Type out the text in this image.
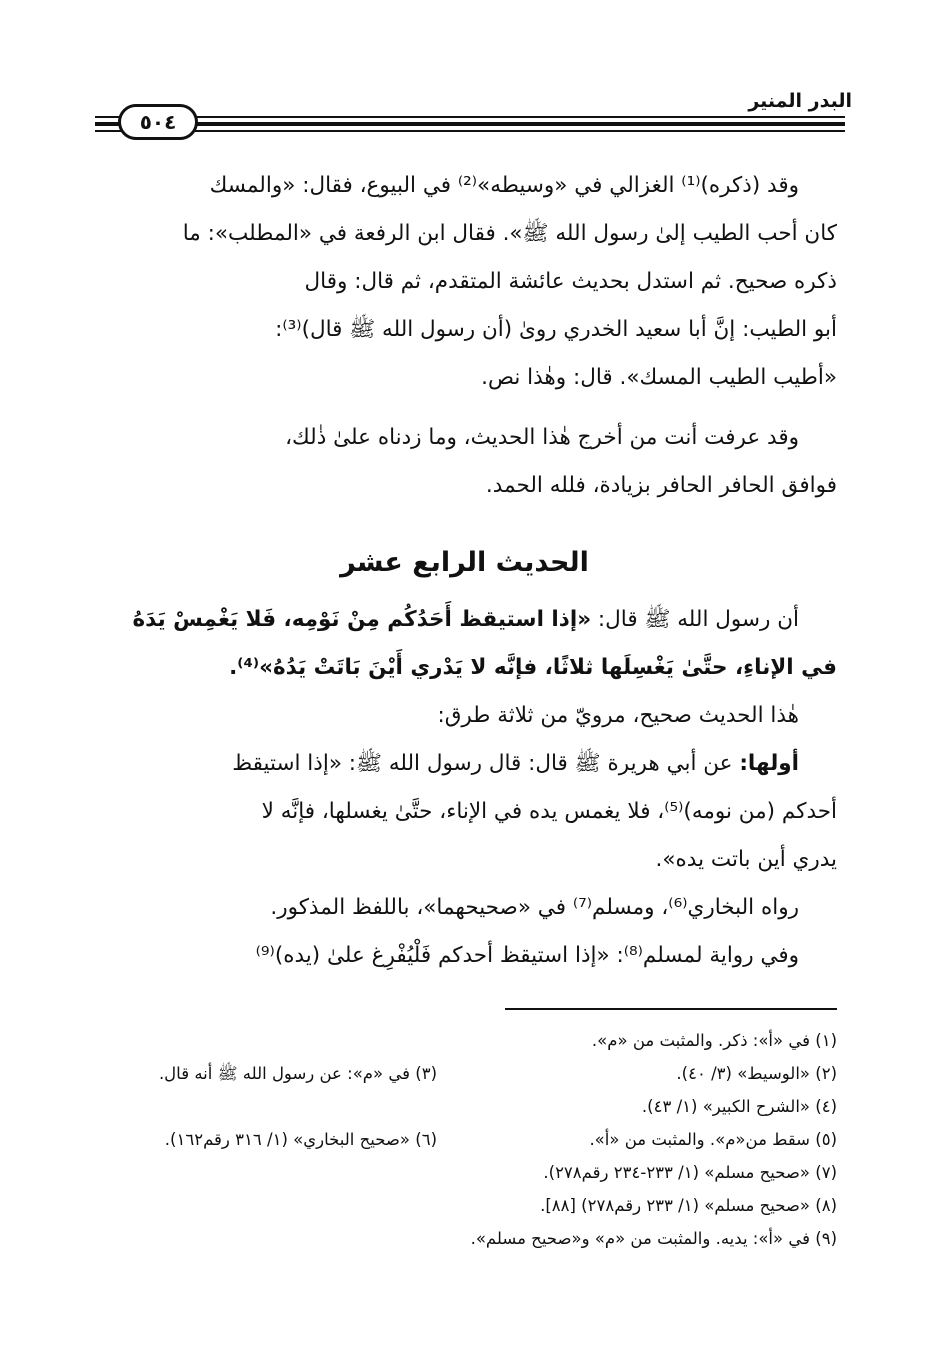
البدر المنير
٥٠٤

وقد (ذكره)⁽¹⁾ الغزالي في «وسيطه»⁽²⁾ في البيوع، فقال: «والمسك

كان أحب الطيب إلىٰ رسول الله ﷺ». فقال ابن الرفعة في «المطلب»: ما

ذكره صحيح. ثم استدل بحديث عائشة المتقدم، ثم قال: وقال

أبو الطيب: إنَّ أبا سعيد الخدري روىٰ (أن رسول الله ﷺ قال)⁽³⁾:

«أطيب الطيب المسك». قال: وهٰذا نص.

وقد عرفت أنت من أخرج هٰذا الحديث، وما زدناه علىٰ ذٰلك،

فوافق الحافر الحافر بزيادة، فلله الحمد.

الحديث الرابع عشر

أن رسول الله ﷺ قال: «إذا استيقظ أَحَدُكُم مِنْ نَوْمِه، فَلا يَغْمِسْ يَدَهُ

في الإناءِ، حتَّىٰ يَغْسِلَها ثلاثًا، فإنَّه لا يَدْري أَيْنَ بَاتَتْ يَدُهُ»⁽⁴⁾.

هٰذا الحديث صحيح، مرويّ من ثلاثة طرق:

أولها: عن أبي هريرة ﷺ قال: قال رسول الله ﷺ: «إذا استيقظ

أحدكم (من نومه)⁽⁵⁾، فلا يغمس يده في الإناء، حتَّىٰ يغسلها، فإنَّه لا

يدري أين باتت يده».

رواه البخاري⁽⁶⁾، ومسلم⁽⁷⁾ في «صحيحهما»، باللفظ المذكور.

وفي رواية لمسلم⁽⁸⁾: «إذا استيقظ أحدكم فَلْيُفْرِغ علىٰ (يده)⁽⁹⁾

(١) في «أ»: ذكر. والمثبت من «م».
(٢) «الوسيط» (٣/ ٤٠).
(٣) في «م»: عن رسول الله ﷺ أنه قال.
(٤) «الشرح الكبير» (١/ ٤٣).
(٥) سقط من«م». والمثبت من «أ».
(٦) «صحيح البخاري» (١/ ٣١٦ رقم١٦٢).
(٧) «صحيح مسلم» (١/ ٢٣٣-٢٣٤ رقم٢٧٨).
(٨) «صحيح مسلم» (١/ ٢٣٣ رقم٢٧٨) [٨٨].
(٩) في «أ»: يديه. والمثبت من «م» و«صحيح مسلم».
